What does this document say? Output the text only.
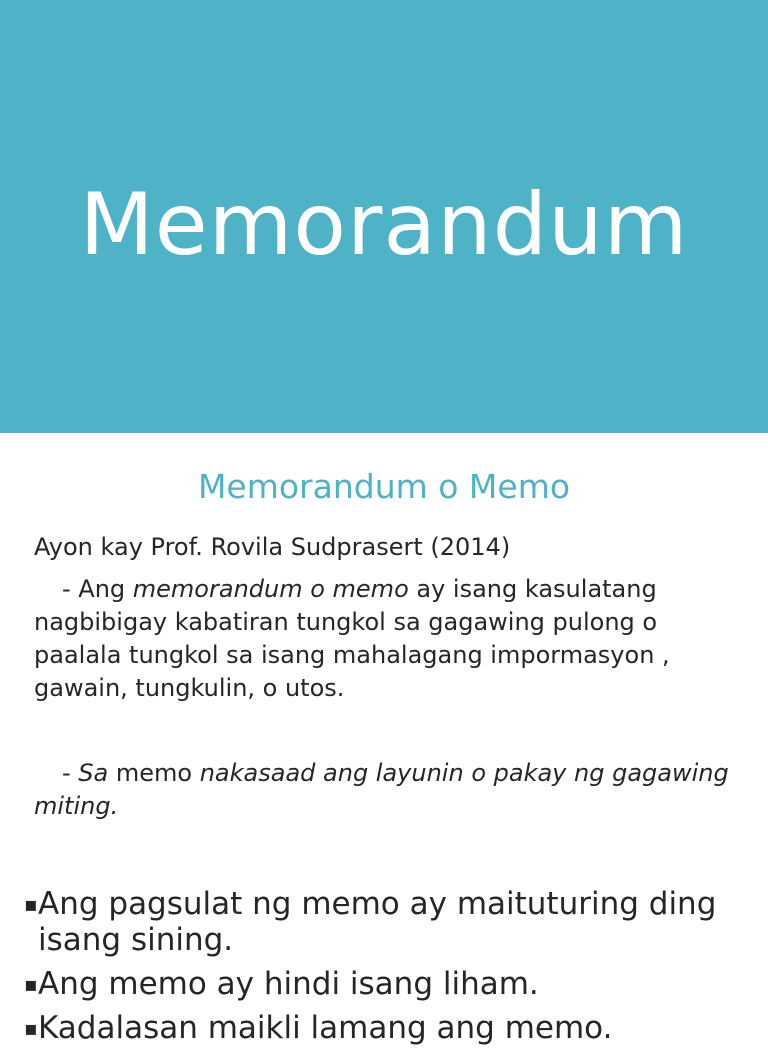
Memorandum
Memorandum o Memo
Ayon kay Prof. Rovila Sudprasert (2014)
- Ang memorandum o memo ay isang kasulatang nagbibigay kabatiran tungkol sa gagawing pulong o paalala tungkol sa isang mahalagang impormasyon , gawain, tungkulin, o utos.
- Sa memo nakasaad ang layunin o pakay ng gagawing miting.
▪ Ang pagsulat ng memo ay maituturing ding isang sining.
▪ Ang memo ay hindi isang liham.
▪ Kadalasan maikli lamang ang memo.
